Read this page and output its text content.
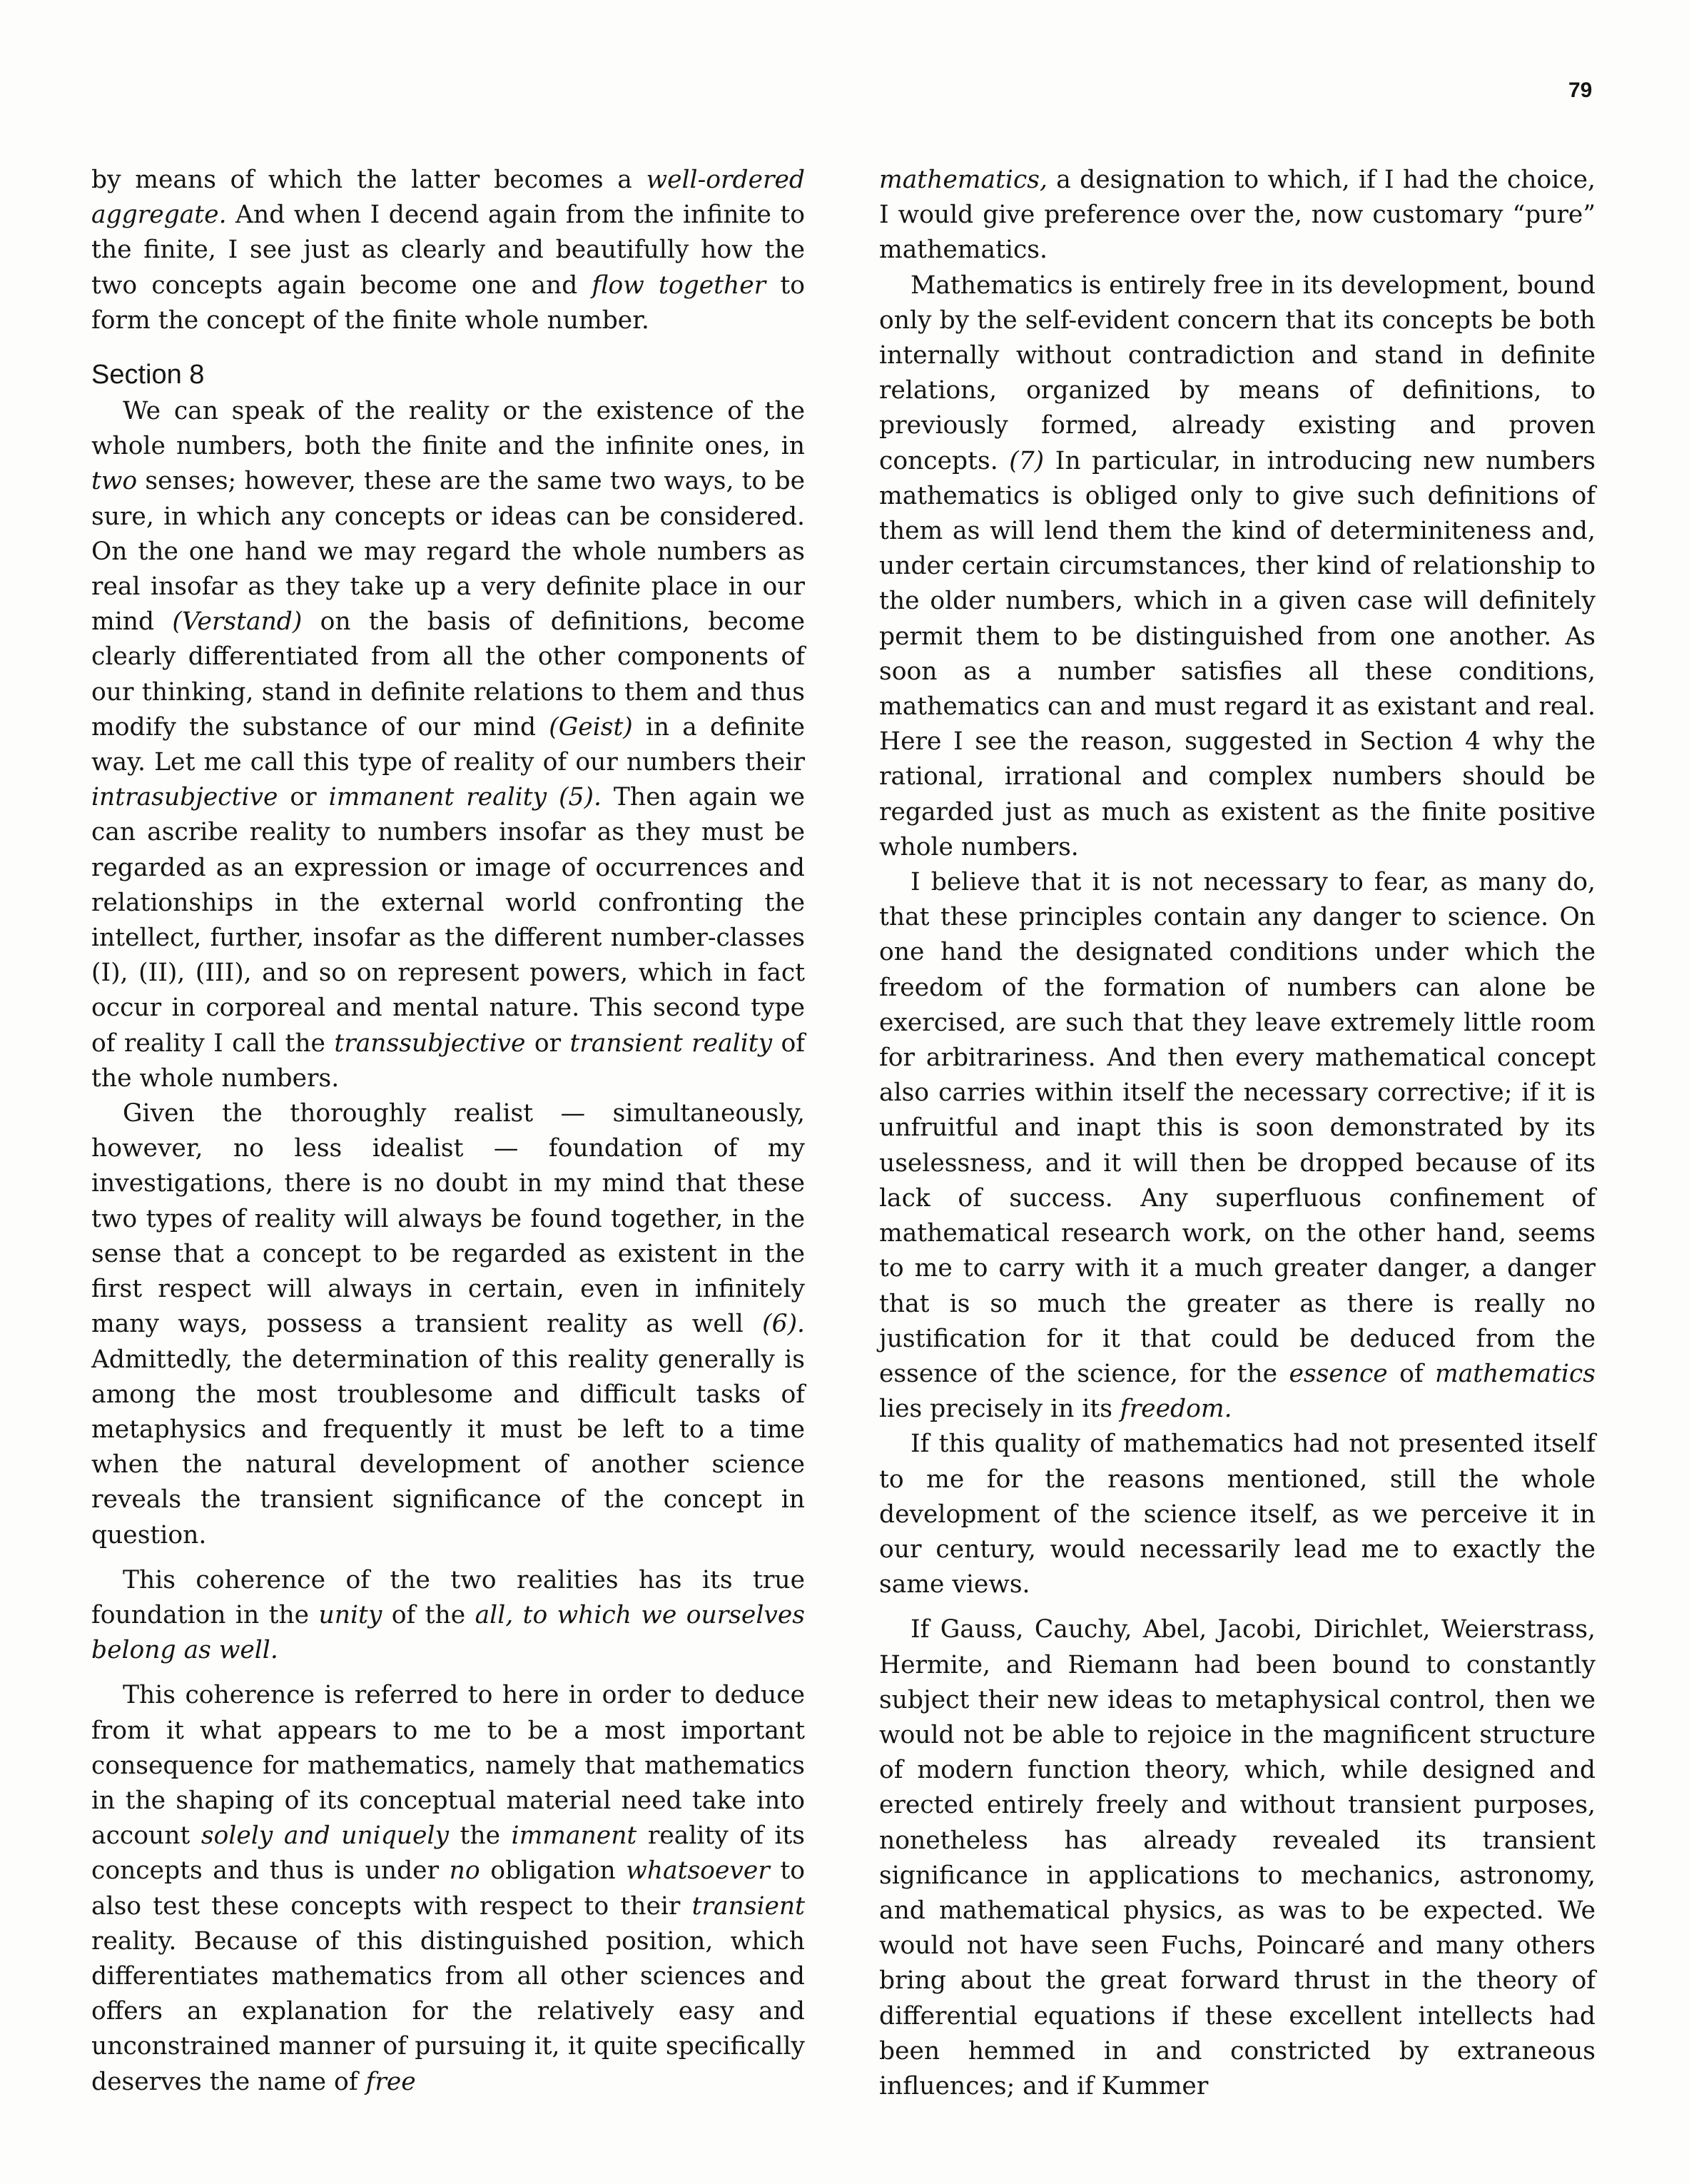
79

by means of which the latter becomes a well-ordered aggregate. And when I decend again from the infinite to the finite, I see just as clearly and beautifully how the two concepts again become one and flow together to form the concept of the finite whole number.

Section 8

We can speak of the reality or the existence of the whole numbers, both the finite and the infinite ones, in two senses; however, these are the same two ways, to be sure, in which any concepts or ideas can be considered. On the one hand we may regard the whole numbers as real insofar as they take up a very definite place in our mind (Verstand) on the basis of definitions, become clearly differentiated from all the other components of our thinking, stand in definite relations to them and thus modify the substance of our mind (Geist) in a definite way. Let me call this type of reality of our numbers their intrasubjective or immanent reality (5). Then again we can ascribe reality to numbers insofar as they must be regarded as an expression or image of occurrences and relationships in the external world confronting the intellect, further, insofar as the different number-classes (I), (II), (III), and so on represent powers, which in fact occur in corporeal and mental nature. This second type of reality I call the transsubjective or transient reality of the whole numbers.

Given the thoroughly realist — simultaneously, however, no less idealist — foundation of my investigations, there is no doubt in my mind that these two types of reality will always be found together, in the sense that a concept to be regarded as existent in the first respect will always in certain, even in infinitely many ways, possess a transient reality as well (6). Admittedly, the determination of this reality generally is among the most troublesome and difficult tasks of metaphysics and frequently it must be left to a time when the natural development of another science reveals the transient significance of the concept in question.

This coherence of the two realities has its true foundation in the unity of the all, to which we ourselves belong as well.

This coherence is referred to here in order to deduce from it what appears to me to be a most important consequence for mathematics, namely that mathematics in the shaping of its conceptual material need take into account solely and uniquely the immanent reality of its concepts and thus is under no obligation whatsoever to also test these concepts with respect to their transient reality. Because of this distinguished position, which differentiates mathematics from all other sciences and offers an explanation for the relatively easy and unconstrained manner of pursuing it, it quite specifically deserves the name of free

mathematics, a designation to which, if I had the choice, I would give preference over the, now customary “pure” mathematics.

Mathematics is entirely free in its development, bound only by the self-evident concern that its concepts be both internally without contradiction and stand in definite relations, organized by means of definitions, to previously formed, already existing and proven concepts. (7) In particular, in introducing new numbers mathematics is obliged only to give such definitions of them as will lend them the kind of determiniteness and, under certain circumstances, ther kind of relationship to the older numbers, which in a given case will definitely permit them to be distinguished from one another. As soon as a number satisfies all these conditions, mathematics can and must regard it as existant and real. Here I see the reason, suggested in Section 4 why the rational, irrational and complex numbers should be regarded just as much as existent as the finite positive whole numbers.

I believe that it is not necessary to fear, as many do, that these principles contain any danger to science. On one hand the designated conditions under which the freedom of the formation of numbers can alone be exercised, are such that they leave extremely little room for arbitrariness. And then every mathematical concept also carries within itself the necessary corrective; if it is unfruitful and inapt this is soon demonstrated by its uselessness, and it will then be dropped because of its lack of success. Any superfluous confinement of mathematical research work, on the other hand, seems to me to carry with it a much greater danger, a danger that is so much the greater as there is really no justification for it that could be deduced from the essence of the science, for the essence of mathematics lies precisely in its freedom.

If this quality of mathematics had not presented itself to me for the reasons mentioned, still the whole development of the science itself, as we perceive it in our century, would necessarily lead me to exactly the same views.

If Gauss, Cauchy, Abel, Jacobi, Dirichlet, Weierstrass, Hermite, and Riemann had been bound to constantly subject their new ideas to metaphysical control, then we would not be able to rejoice in the magnificent structure of modern function theory, which, while designed and erected entirely freely and without transient purposes, nonetheless has already revealed its transient significance in applications to mechanics, astronomy, and mathematical physics, as was to be expected. We would not have seen Fuchs, Poincaré and many others bring about the great forward thrust in the theory of differential equations if these excellent intellects had been hemmed in and constricted by extraneous influences; and if Kummer
